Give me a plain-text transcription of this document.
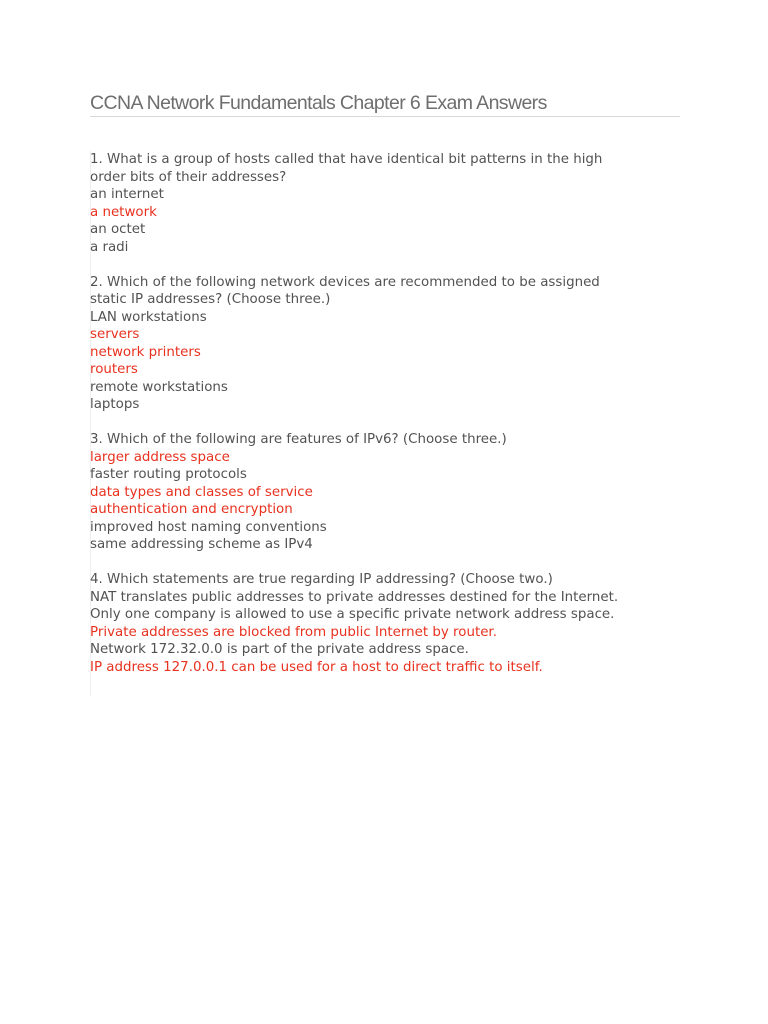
CCNA Network Fundamentals Chapter 6 Exam Answers
1. What is a group of hosts called that have identical bit patterns in the high
order bits of their addresses?
an internet
a network
an octet
a radi
2. Which of the following network devices are recommended to be assigned
static IP addresses? (Choose three.)
LAN workstations
servers
network printers
routers
remote workstations
laptops
3. Which of the following are features of IPv6? (Choose three.)
larger address space
faster routing protocols
data types and classes of service
authentication and encryption
improved host naming conventions
same addressing scheme as IPv4
4. Which statements are true regarding IP addressing? (Choose two.)
NAT translates public addresses to private addresses destined for the Internet.
Only one company is allowed to use a specific private network address space.
Private addresses are blocked from public Internet by router.
Network 172.32.0.0 is part of the private address space.
IP address 127.0.0.1 can be used for a host to direct traffic to itself.
